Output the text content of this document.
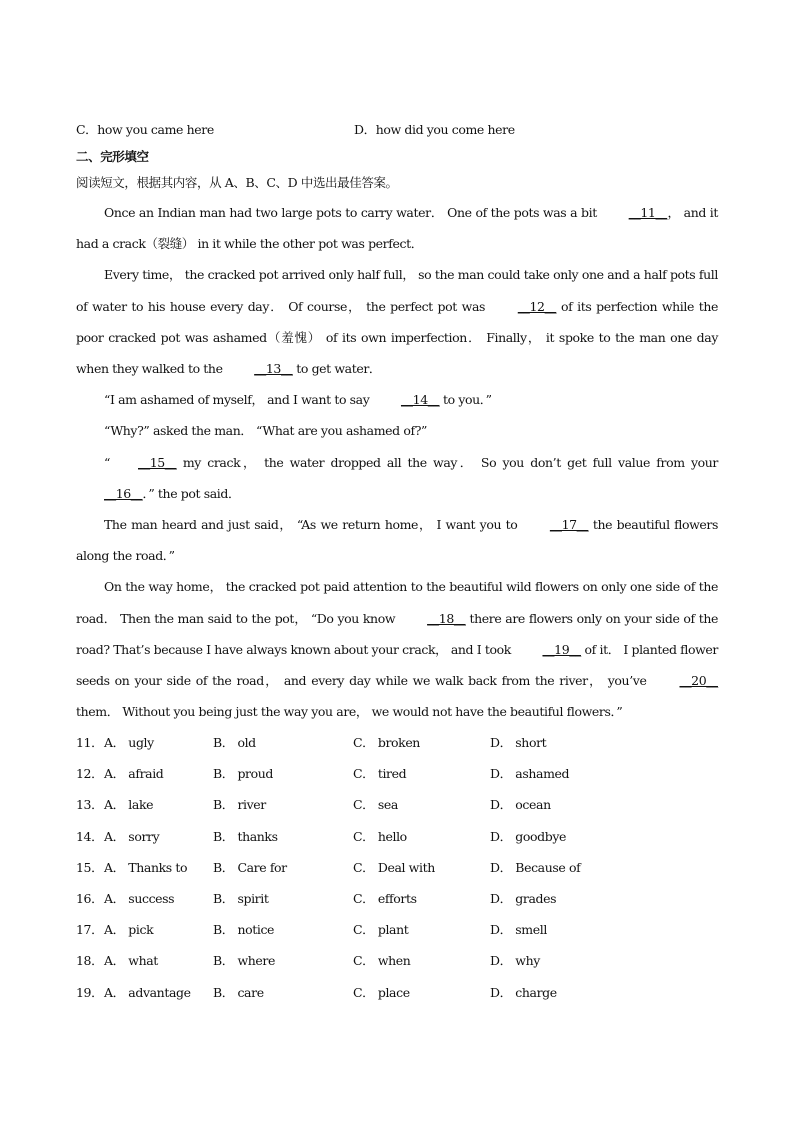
C．how you came here	D．how did you come here
二、完形填空
阅读短文，根据其内容，从 A、B、C、D 中选出最佳答案。

Once an Indian man had two large pots to carry water． One of the pots was a bit __11__， and it had a crack（裂缝） in it while the other pot was perfect．

Every time， the cracked pot arrived only half full， so the man could take only one and a half pots full of water to his house every day． Of course， the perfect pot was __12__ of its perfection while the poor cracked pot was ashamed（羞愧） of its own imperfection． Finally， it spoke to the man one day when they walked to the __13__ to get water．

“I am ashamed of myself， and I want to say __14__ to you．”

“Why?” asked the man． “What are you ashamed of?”

“ __15__ my crack， the water dropped all the way． So you don’t get full value from your __16__．” the pot said．

The man heard and just said， “As we return home， I want you to __17__ the beautiful flowers along the road．”

On the way home， the cracked pot paid attention to the beautiful wild flowers on only one side of the road． Then the man said to the pot， “Do you know __18__ there are flowers only on your side of the road? That’s because I have always known about your crack， and I took __19__ of it． I planted flower seeds on your side of the road， and every day while we walk back from the river， you’ve __20__ them． Without you being just the way you are， we would not have the beautiful flowers．”

11． A． ugly	B． old	C． broken	D． short
12． A． afraid	B． proud	C． tired	D． ashamed
13． A． lake	B． river	C． sea	D． ocean
14． A． sorry	B． thanks	C． hello	D． goodbye
15． A． Thanks to B． Care for	C． Deal with	D． Because of
16． A． success	B． spirit	C． efforts	D． grades
17． A． pick	B． notice	C． plant	D． smell
18． A． what	B． where	C． when	D． why
19． A． advantage B． care	C． place	D． charge
